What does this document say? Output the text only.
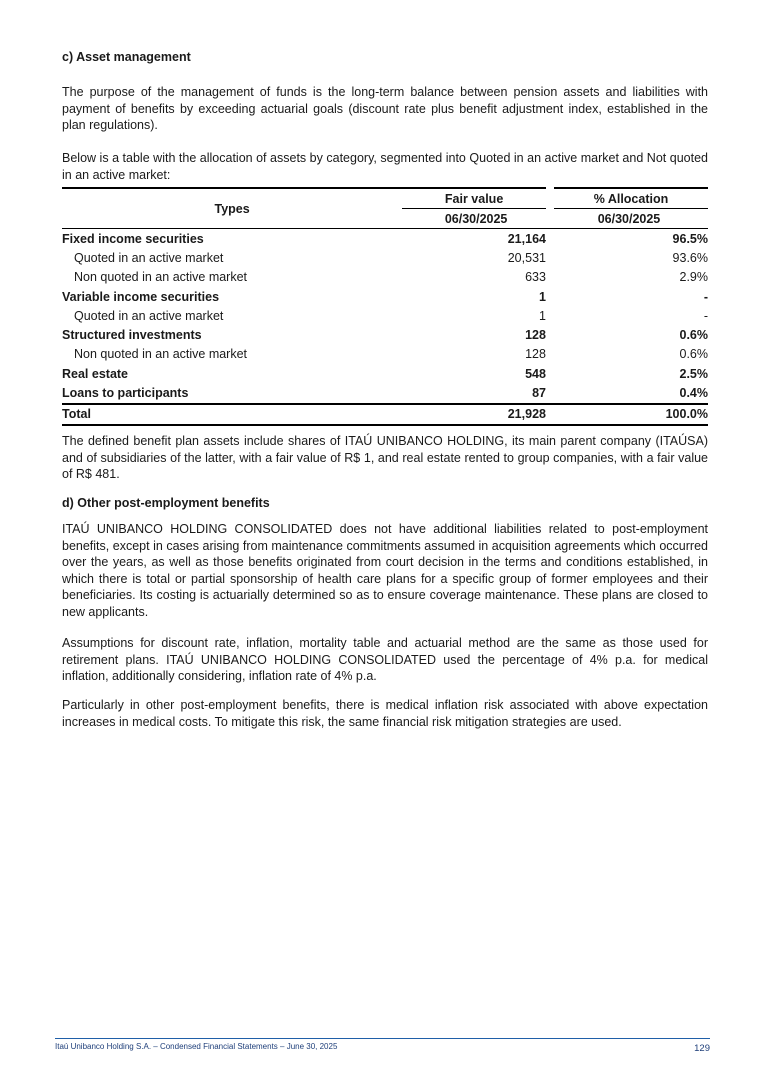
c) Asset management

The purpose of the management of funds is the long-term balance between pension assets and liabilities with payment of benefits by exceeding actuarial goals (discount rate plus benefit adjustment index, established in the plan regulations).

Below is a table with the allocation of assets by category, segmented into Quoted in an active market and Not quoted in an active market:

Types	Fair value	% Allocation
	06/30/2025	06/30/2025
Fixed income securities	21,164	96.5%
Quoted in an active market	20,531	93.6%
Non quoted in an active market	633	2.9%
Variable income securities	1	-
Quoted in an active market	1	-
Structured investments	128	0.6%
Non quoted in an active market	128	0.6%
Real estate	548	2.5%
Loans to participants	87	0.4%
Total	21,928	100.0%

The defined benefit plan assets include shares of ITAÚ UNIBANCO HOLDING, its main parent company (ITAÚSA) and of subsidiaries of the latter, with a fair value of R$ 1, and real estate rented to group companies, with a fair value of R$ 481.

d) Other post-employment benefits

ITAÚ UNIBANCO HOLDING CONSOLIDATED does not have additional liabilities related to post-employment benefits, except in cases arising from maintenance commitments assumed in acquisition agreements which occurred over the years, as well as those benefits originated from court decision in the terms and conditions established, in which there is total or partial sponsorship of health care plans for a specific group of former employees and their beneficiaries. Its costing is actuarially determined so as to ensure coverage maintenance. These plans are closed to new applicants.

Assumptions for discount rate, inflation, mortality table and actuarial method are the same as those used for retirement plans. ITAÚ UNIBANCO HOLDING CONSOLIDATED used the percentage of 4% p.a. for medical inflation, additionally considering, inflation rate of 4% p.a.

Particularly in other post-employment benefits, there is medical inflation risk associated with above expectation increases in medical costs. To mitigate this risk, the same financial risk mitigation strategies are used.

Itaú Unibanco Holding S.A. – Condensed Financial Statements – June 30, 2025	129
